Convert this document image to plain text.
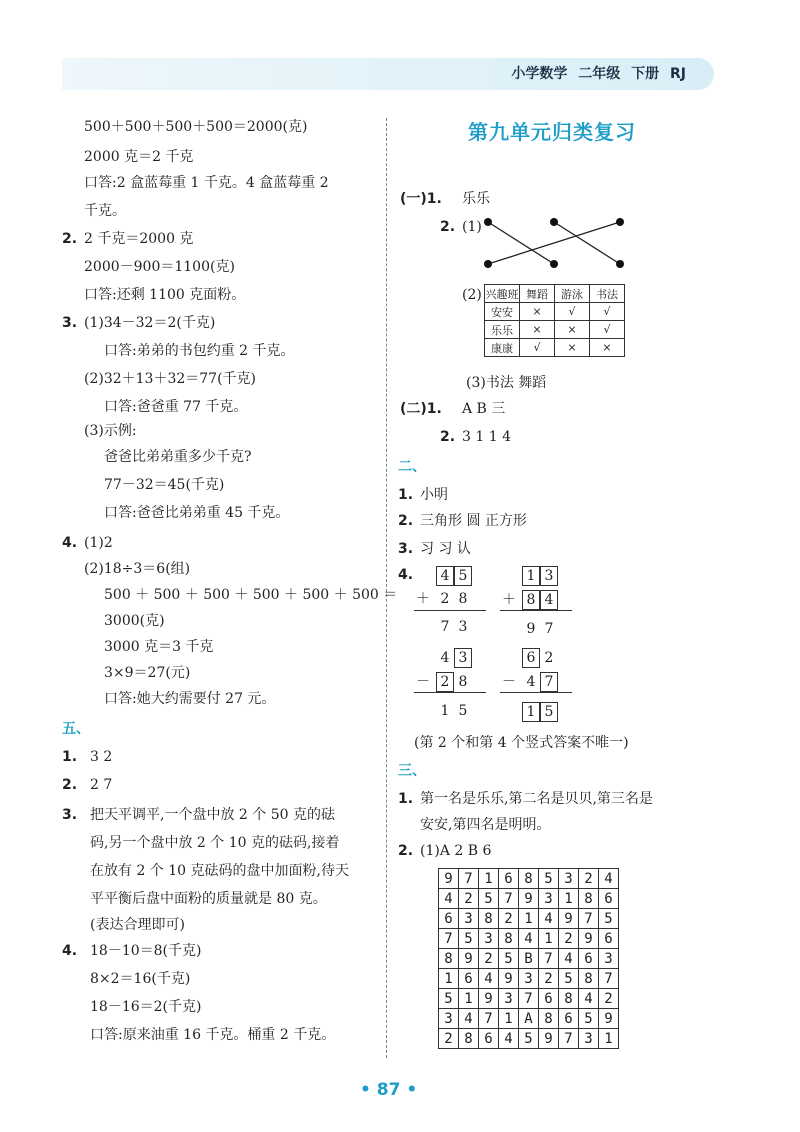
小学数学 二年级 下册 RJ
500＋500＋500＋500＝2000(克)
2000 克＝2 千克
口答:2 盒蓝莓重 1 千克。4 盒蓝莓重 2
千克。
2. 2 千克＝2000 克
2000－900＝1100(克)
口答:还剩 1100 克面粉。
3. (1)34－32＝2(千克)
口答:弟弟的书包约重 2 千克。
(2)32＋13＋32＝77(千克)
口答:爸爸重 77 千克。
(3)示例:
爸爸比弟弟重多少千克?
77－32＝45(千克)
口答:爸爸比弟弟重 45 千克。
4. (1)2
(2)18÷3＝6(组)
500 ＋ 500 ＋ 500 ＋ 500 ＋ 500 ＋ 500 ＝
3000(克)
3000 克＝3 千克
3×9＝27(元)
口答:她大约需要付 27 元。
五、
1. 3 2
2. 2 7
3. 把天平调平,一个盘中放 2 个 50 克的砝
码,另一个盘中放 2 个 10 克的砝码,接着
在放有 2 个 10 克砝码的盘中加面粉,待天
平平衡后盘中面粉的质量就是 80 克。
(表达合理即可)
4. 18－10＝8(千克)
8×2＝16(千克)
18－16＝2(千克)
口答:原来油重 16 千克。桶重 2 千克。
第九单元归类复习
(一)1. 乐乐
2. (1)
(2) 兴趣班	舞蹈	游泳	书法
安安	×	√	√
乐乐	×	×	√
康康	√	×	×
(3)书法 舞蹈
(二)1. A B 三
2. 3 1 1 4
二、
1. 小明
2. 三角形 圆 正方形
3. 习 习 认
4.	4 5
＋ 2 8
7 3
1 3
＋ 8 4
9 7
4 3
－ 2 8
1 5
6 2
－ 4 7
1 5
(第 2 个和第 4 个竖式答案不唯一)
三、
1. 第一名是乐乐,第二名是贝贝,第三名是
安安,第四名是明明。
2. (1)A 2 B 6
9	7	1	6	8	5	3	2	4
4	2	5	7	9	3	1	8	6
6	3	8	2	1	4	9	7	5
7	5	3	8	4	1	2	9	6
8	9	2	5	B	7	4	6	3
1	6	4	9	3	2	5	8	7
5	1	9	3	7	6	8	4	2
3	4	7	1	A	8	6	5	9
2	8	6	4	5	9	7	3	1
• 87 •
